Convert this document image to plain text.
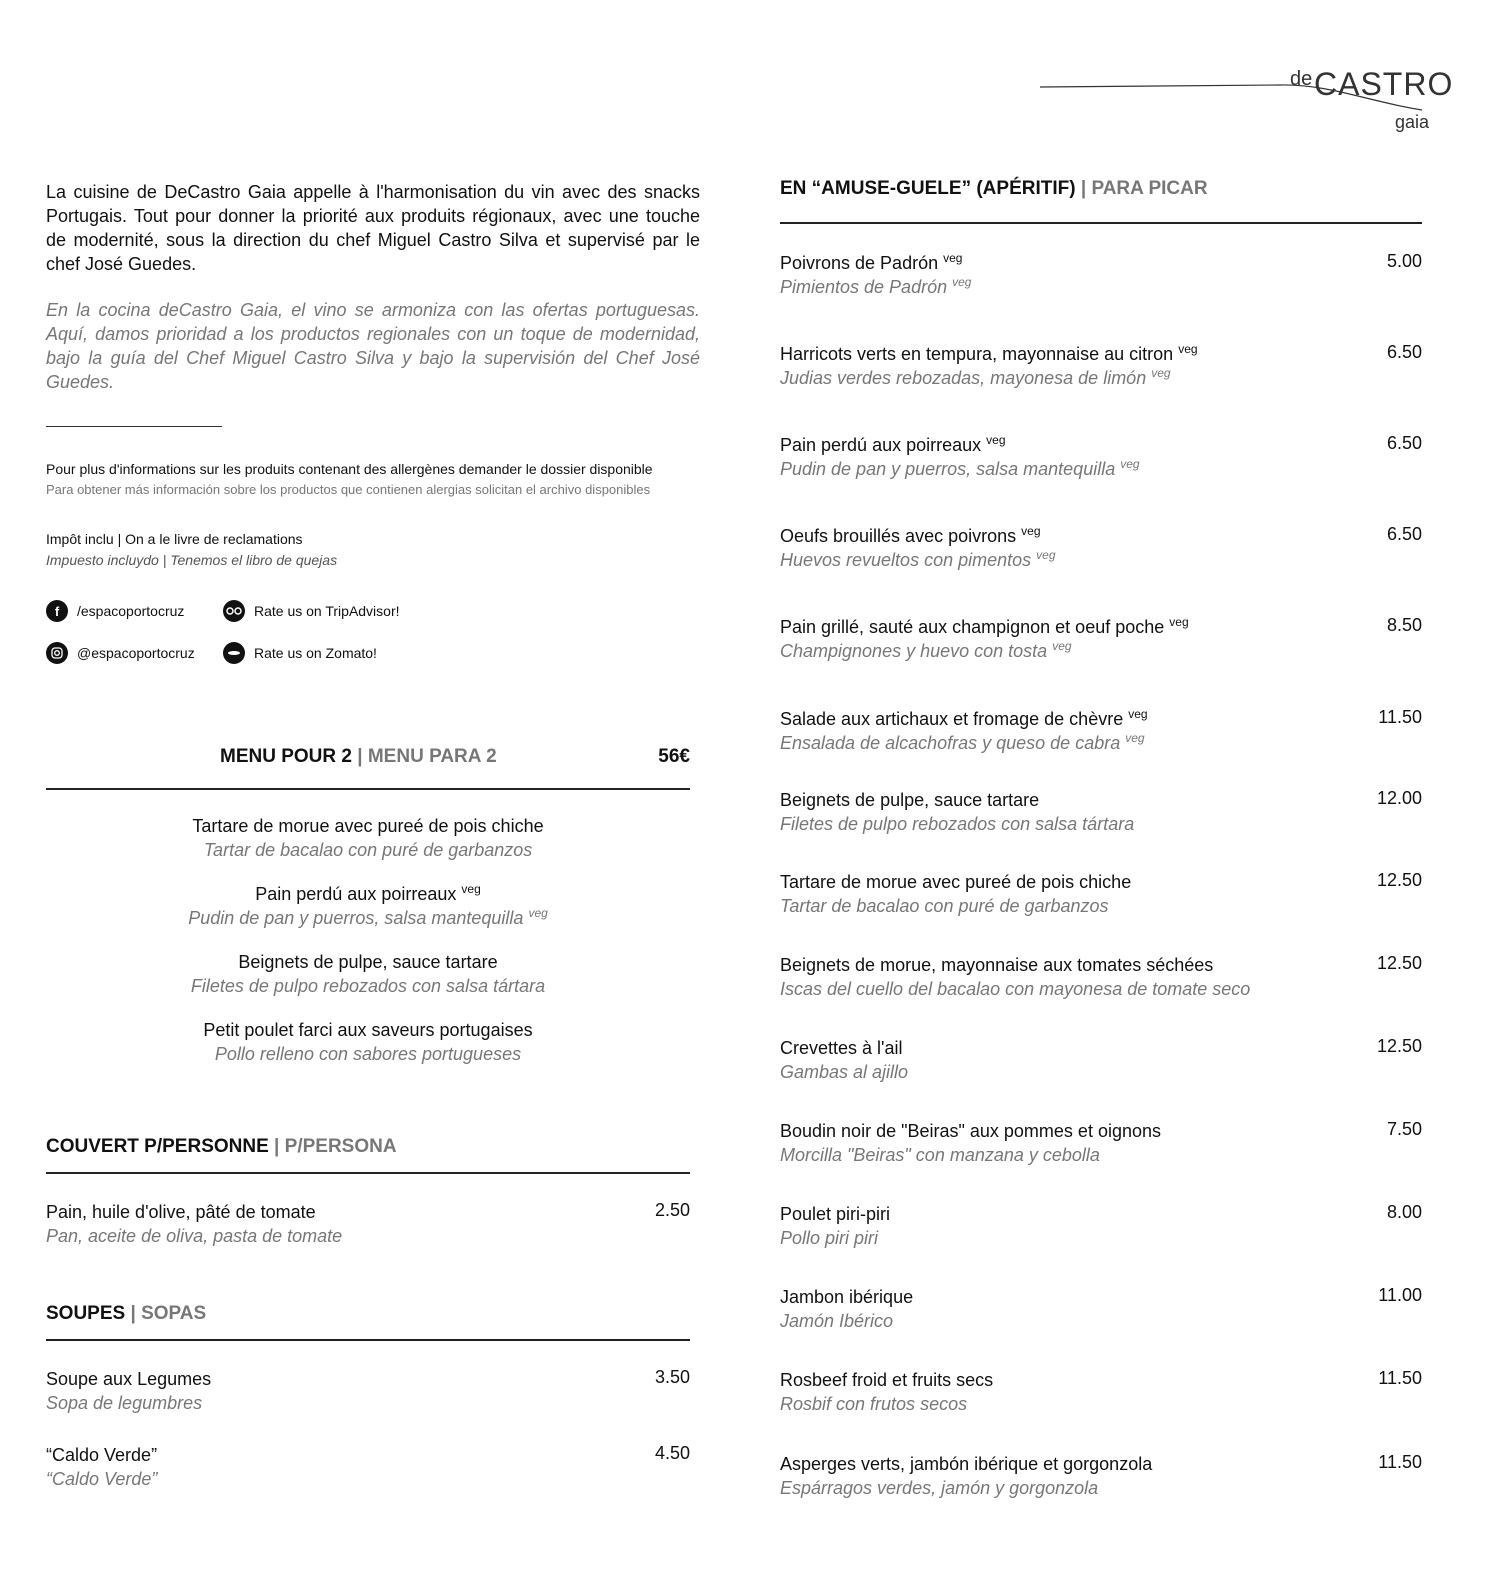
de CASTRO
gaia

La cuisine de DeCastro Gaia appelle à l'harmonisation du vin avec des snacks Portugais. Tout pour donner la priorité aux produits régionaux, avec une touche de modernité, sous la direction du chef Miguel Castro Silva et supervisé par le chef José Guedes.

En la cocina deCastro Gaia, el vino se armoniza con las ofertas portuguesas. Aquí, damos prioridad a los productos regionales con un toque de modernidad, bajo la guía del Chef Miguel Castro Silva y bajo la supervisión del Chef José Guedes.

Pour plus d'informations sur les produits contenant des allergènes demander le dossier disponible
Para obtener más información sobre los productos que contienen alergias solicitan el archivo disponibles
Impôt inclu | On a le livre de reclamations
Impuesto incluydo | Tenemos el libro de quejas
f	/espacoportocruz	Rate us on TripAdvisor!
@espacoportocruz	Rate us on Zomato!
MENU POUR 2 | MENU PARA 2	56€
Tartare de morue avec pureé de pois chiche
Tartar de bacalao con puré de garbanzos
Pain perdú aux poirreaux $^{veg}$
Pudin de pan y puerros, salsa mantequilla $^{veg}$
Beignets de pulpe, sauce tartare
Filetes de pulpo rebozados con salsa tártara
Petit poulet farci aux saveurs portugaises
Pollo relleno con sabores portugueses
COUVERT P/PERSONNE | P/PERSONA
Pain, huile d'olive, pâté de tomate
Pan, aceite de oliva, pasta de tomate
2.50
SOUPES | SOPAS
Soupe aux Legumes
Sopa de legumbres
3.50
“Caldo Verde”
“Caldo Verde”
4.50
EN “AMUSE-GUELE” (APÉRITIF) | PARA PICAR
Poivrons de Padrón $^{veg}$
Pimientos de Padrón $^{veg}$
5.00
Harricots verts en tempura, mayonnaise au citron $^{veg}$
Judias verdes rebozadas, mayonesa de limón $^{veg}$
6.50
Pain perdú aux poirreaux $^{veg}$
Pudin de pan y puerros, salsa mantequilla $^{veg}$
6.50
Oeufs brouillés avec poivrons $^{veg}$
Huevos revueltos con pimentos $^{veg}$
6.50
Pain grillé, sauté aux champignon et oeuf poche $^{veg}$
Champignones y huevo con tosta $^{veg}$
8.50
Salade aux artichaux et fromage de chèvre $^{veg}$
Ensalada de alcachofras y queso de cabra $^{veg}$
11.50
Beignets de pulpe, sauce tartare
Filetes de pulpo rebozados con salsa tártara
12.00
Tartare de morue avec pureé de pois chiche
Tartar de bacalao con puré de garbanzos
12.50
Beignets de morue, mayonnaise aux tomates séchées
Iscas del cuello del bacalao con mayonesa de tomate seco
12.50
Crevettes à l'ail
Gambas al ajillo
12.50
Boudin noir de "Beiras" aux pommes et oignons
Morcilla "Beiras" con manzana y cebolla
7.50
Poulet piri-piri
Pollo piri piri
8.00
Jambon ibérique
Jamón Ibérico
11.00
Rosbeef froid et fruits secs
Rosbif con frutos secos
11.50
Asperges verts, jambón ibérique et gorgonzola
Espárragos verdes, jamón y gorgonzola
11.50
